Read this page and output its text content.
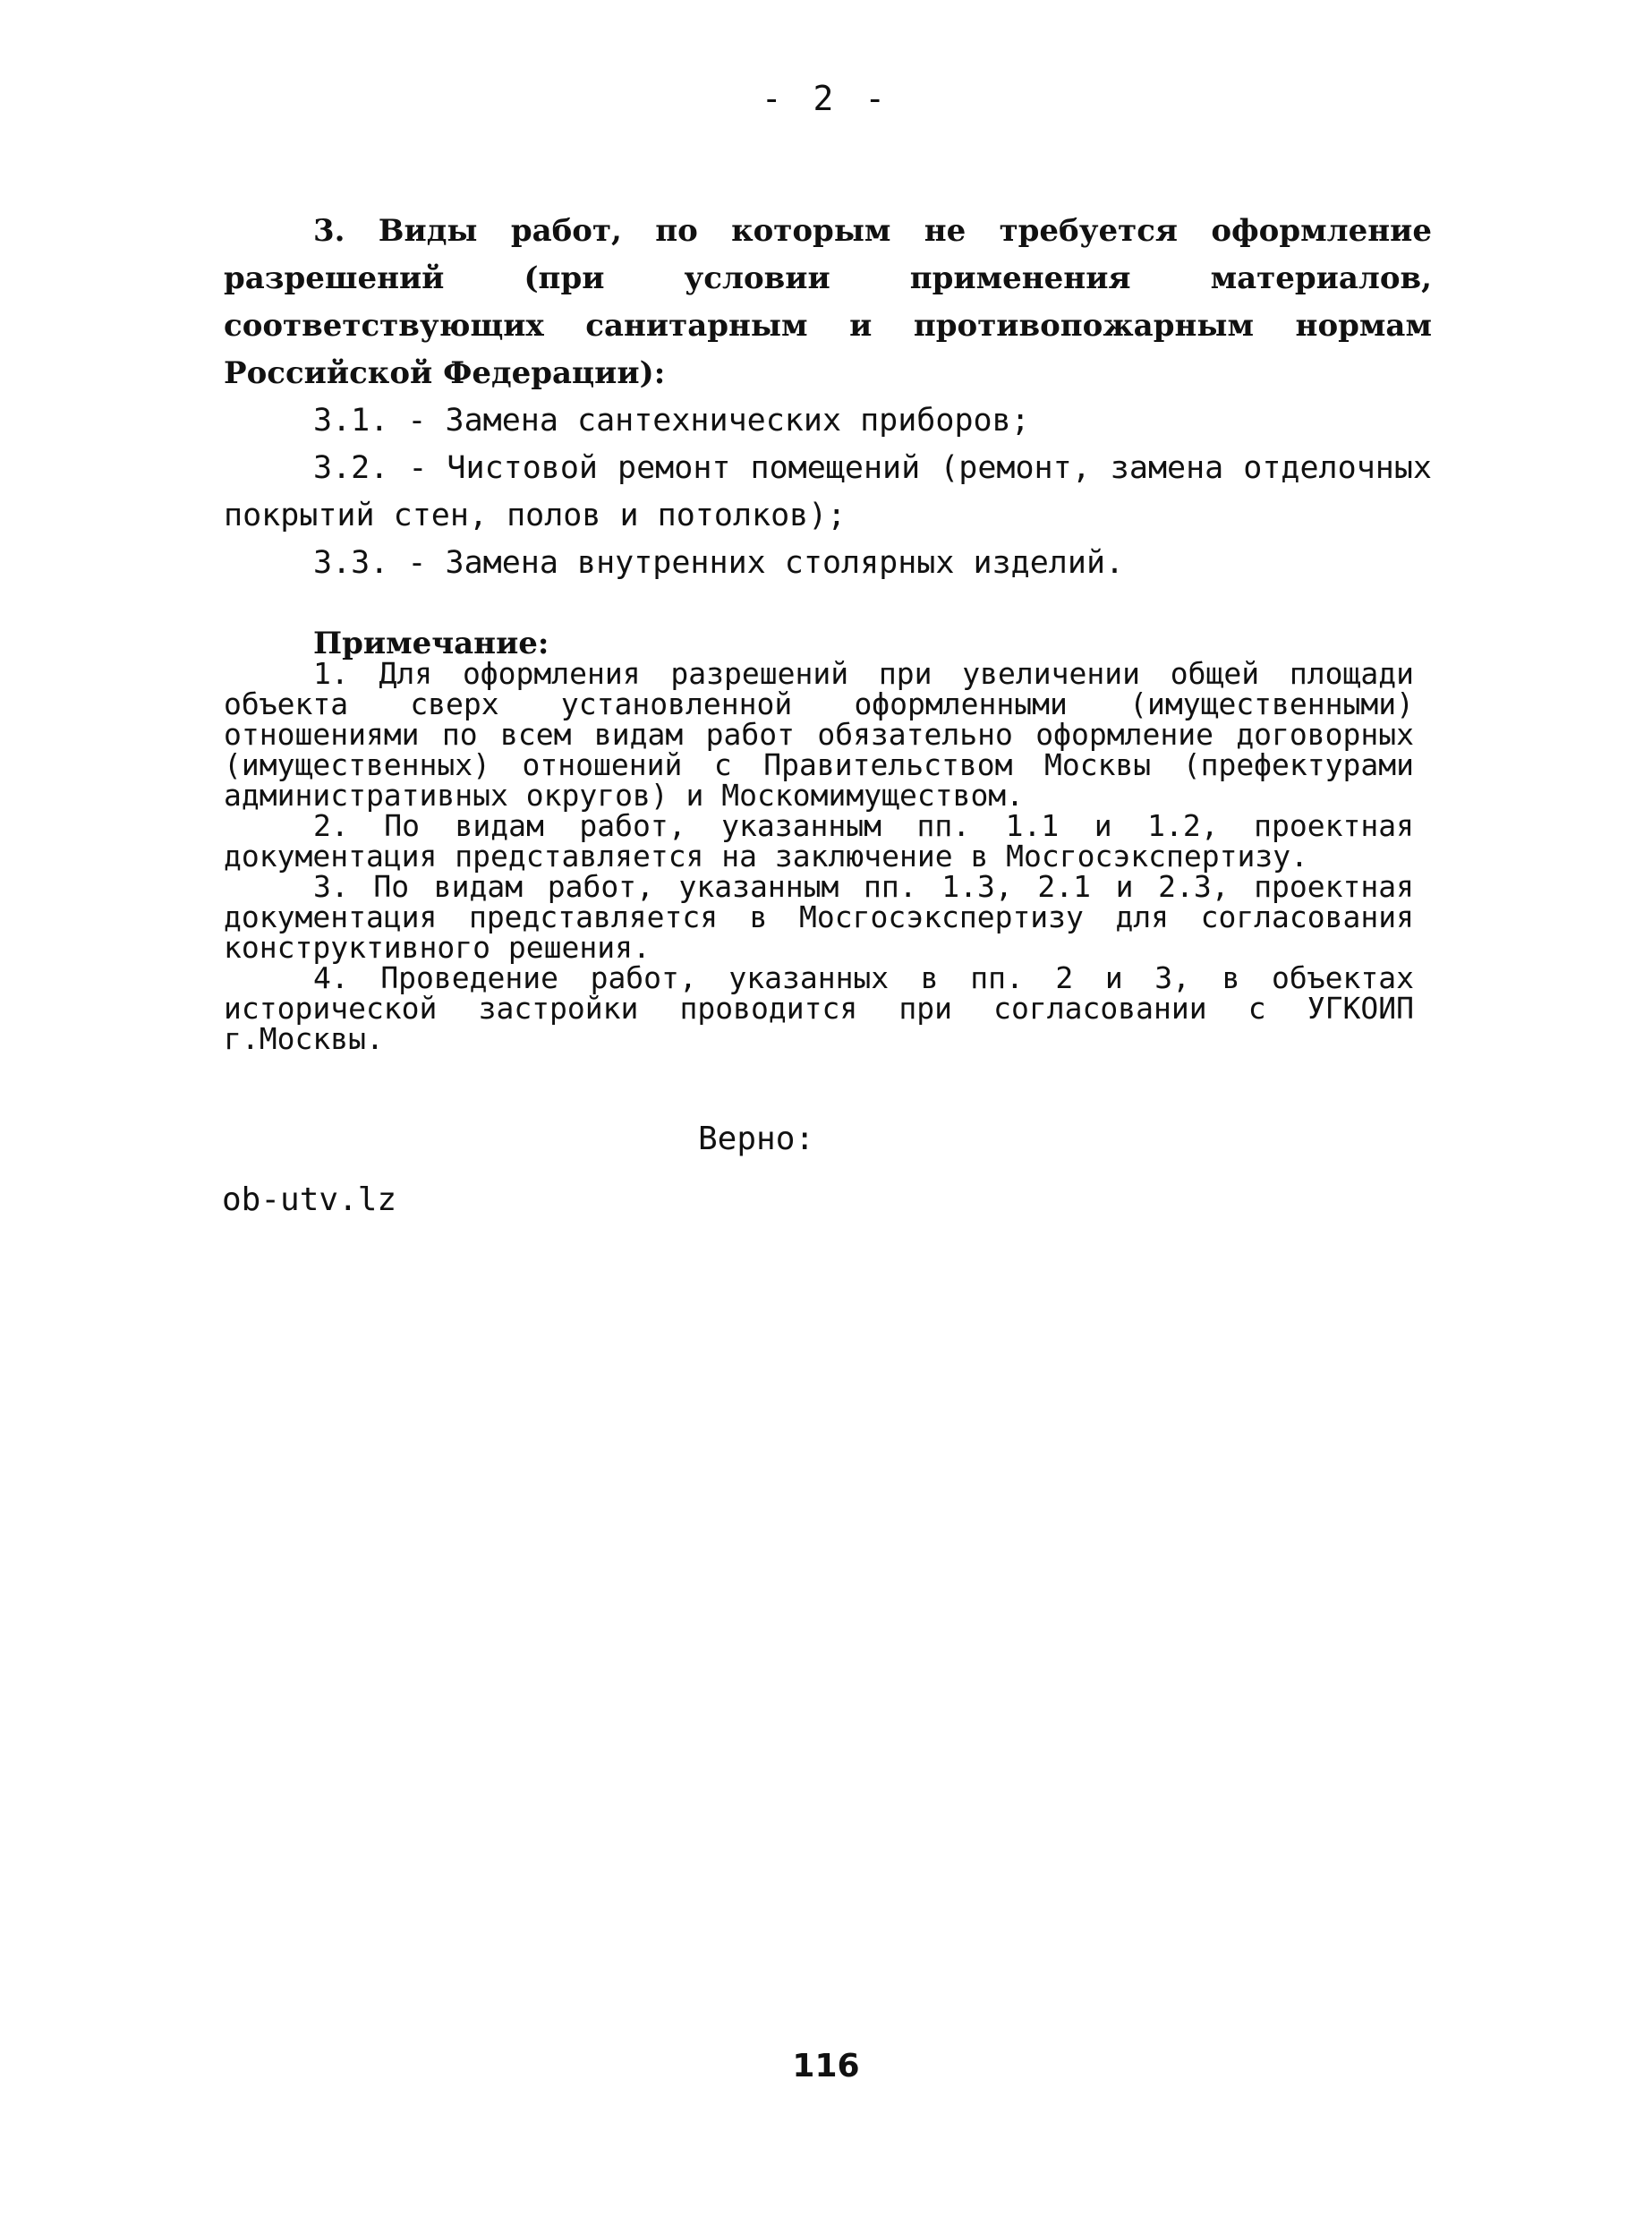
- 2 -

3. Виды работ, по которым не требуется оформление разрешений (при условии применения материалов, соответствующих санитарным и противопожарным нормам Российской Федерации):

3.1. - Замена сантехнических приборов;

3.2. - Чистовой ремонт помещений (ремонт, замена отделочных покрытий стен, полов и потолков);

3.3. - Замена внутренних столярных изделий.

Примечание:

1. Для оформления разрешений при увеличении общей площади объекта сверх установленной оформленными (имущественными) отношениями по всем видам работ обязательно оформление договорных (имущественных) отношений с Правительством Москвы (префектурами административных округов) и Москомимуществом.

2. По видам работ, указанным пп. 1.1 и 1.2, проектная документация представляется на заключение в Мосгосэкспертизу.

3. По видам работ, указанным пп. 1.3, 2.1 и 2.3, проектная документация представляется в Мосгосэкспертизу для согласования конструктивного решения.

4. Проведение работ, указанных в пп. 2 и 3, в объектах исторической застройки проводится при согласовании с УГКОИП г.Москвы.

Верно:
ob-utv.lz
116
